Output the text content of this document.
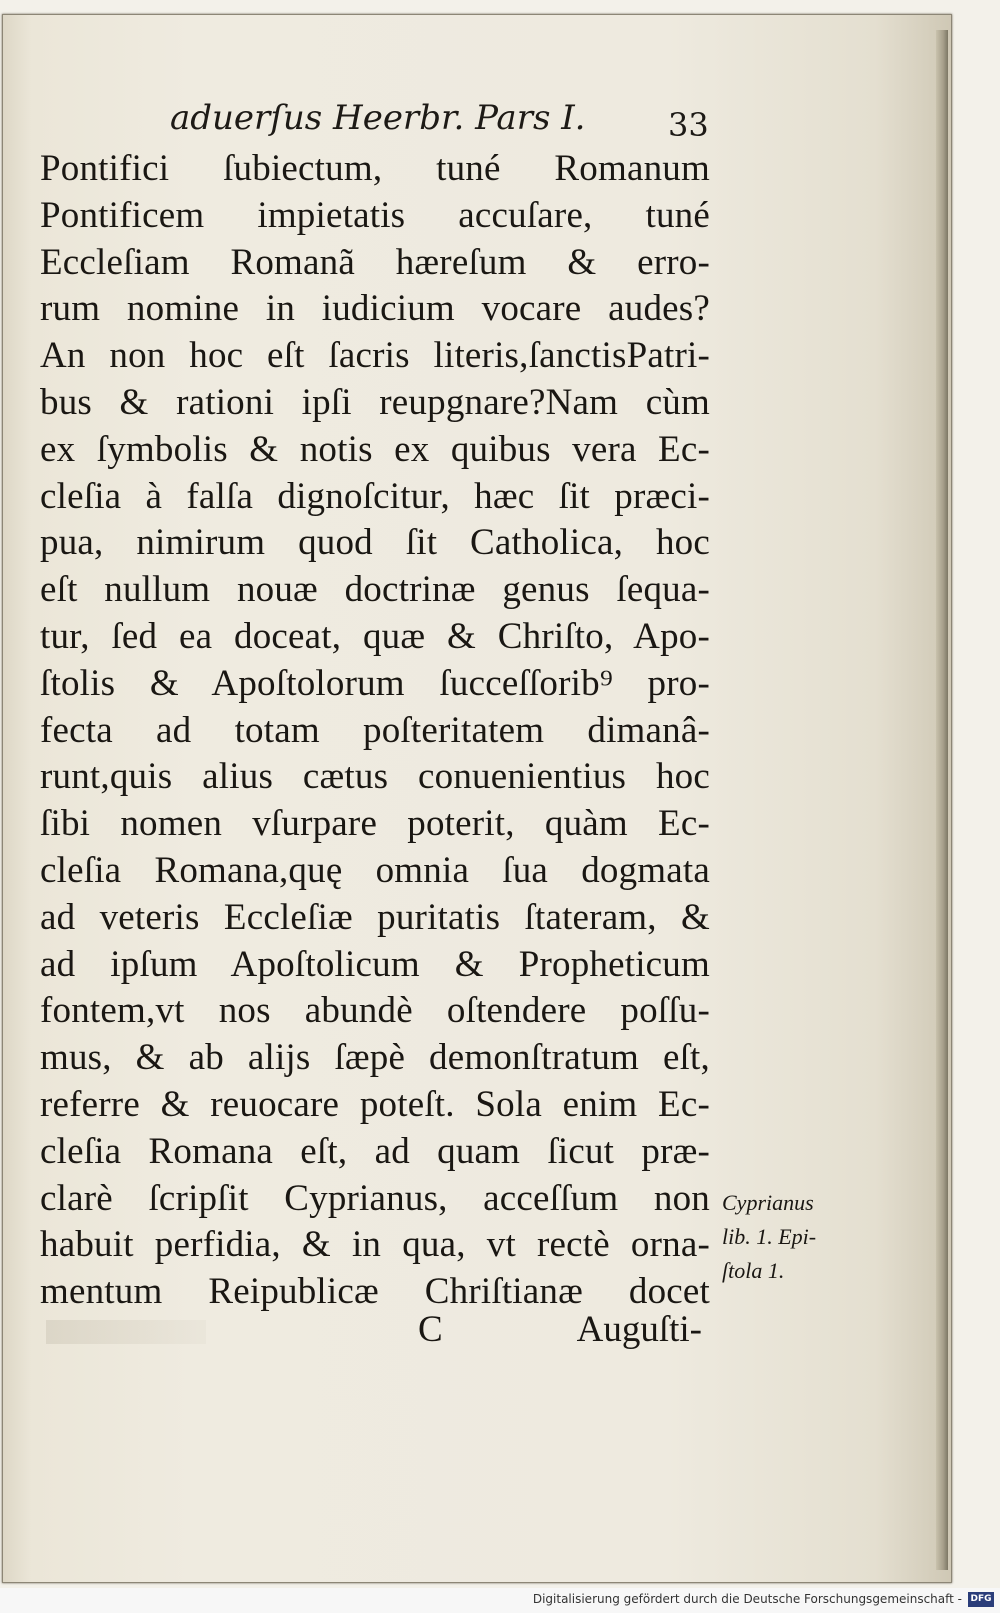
aduerſus Heerbr. Pars I.	33
Pontifici ſubiectum, tuné Romanum
Pontificem impietatis accuſare, tuné
Eccleſiam Romanã hæreſum & erro-
rum nomine in iudicium vocare audes?
An non hoc eſt ſacris literis,ſanctisPatri-
bus & rationi ipſi reupgnare?Nam cùm
ex ſymbolis & notis ex quibus vera Ec-
cleſia à falſa dignoſcitur, hæc ſit præci-
pua, nimirum quod ſit Catholica, hoc
eſt nullum nouæ doctrinæ genus ſequa-
tur, ſed ea doceat, quæ & Chriſto, Apo-
ſtolis & Apoſtolorum ſucceſſorib⁹ pro-
fecta ad totam poſteritatem dimanâ-
runt,quis alius cætus conuenientius hoc
ſibi nomen vſurpare poterit, quàm Ec-
cleſia Romana,quę omnia ſua dogmata
ad veteris Eccleſiæ puritatis ſtateram, &
ad ipſum Apoſtolicum & Propheticum
fontem,vt nos abundè oſtendere poſſu-
mus, & ab alijs ſæpè demonſtratum eſt,
referre & reuocare poteſt. Sola enim Ec-
cleſia Romana eſt, ad quam ſicut præ-
clarè ſcripſit Cyprianus, acceſſum non
habuit perfidia, & in qua, vt rectè orna-
mentum Reipublicæ Chriſtianæ docet
C	Auguſti-
Cyprianus
lib. 1. Epi-
ſtola 1.
Digitalisierung gefördert durch die Deutsche Forschungsgemeinschaft - DFG
